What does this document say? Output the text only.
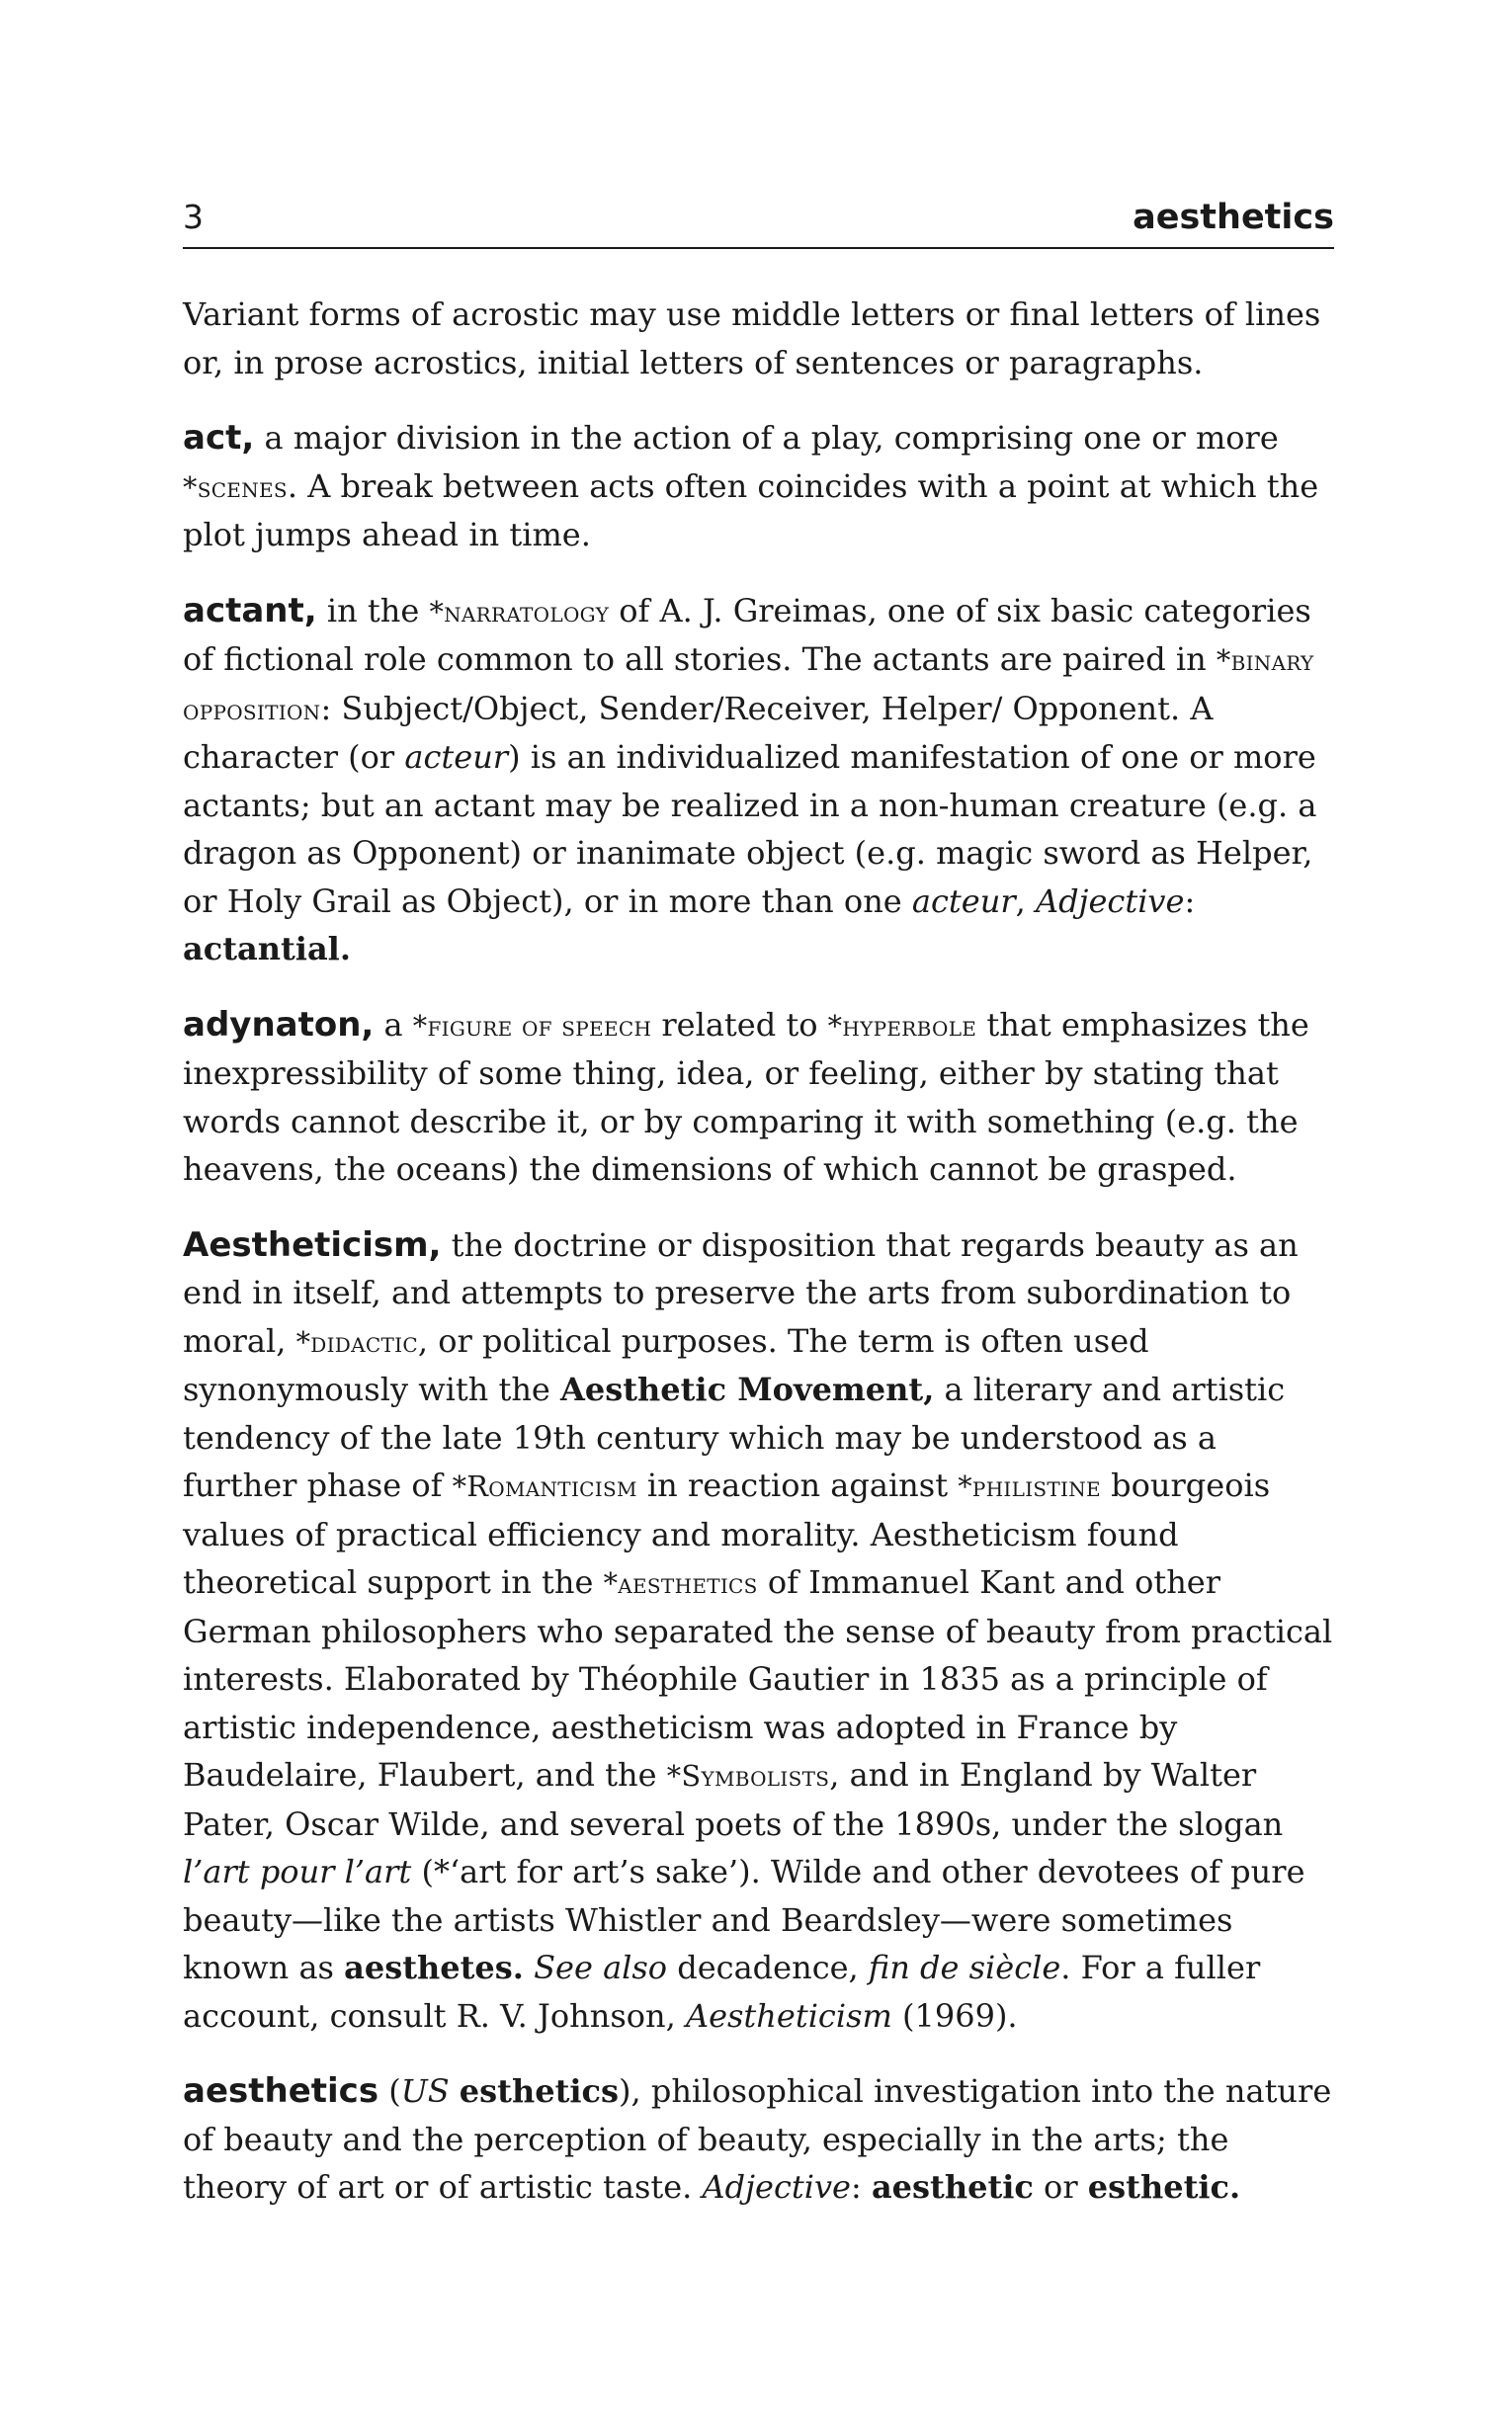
3	aesthetics

Variant forms of acrostic may use middle letters or final letters of lines or, in prose acrostics, initial letters of sentences or paragraphs.

act, a major division in the action of a play, comprising one or more *scenes. A break between acts often coincides with a point at which the plot jumps ahead in time.

actant, in the *narratology of A. J. Greimas, one of six basic categories of fictional role common to all stories. The actants are paired in *binary opposition: Subject/Object, Sender/Receiver, Helper/ Opponent. A character (or acteur) is an individualized manifestation of one or more actants; but an actant may be realized in a non-human creature (e.g. a dragon as Opponent) or inanimate object (e.g. magic sword as Helper, or Holy Grail as Object), or in more than one acteur, Adjective: actantial.

adynaton, a *figure of speech related to *hyperbole that emphasizes the inexpressibility of some thing, idea, or feeling, either by stating that words cannot describe it, or by comparing it with something (e.g. the heavens, the oceans) the dimensions of which cannot be grasped.

Aestheticism, the doctrine or disposition that regards beauty as an end in itself, and attempts to preserve the arts from subordination to moral, *didactic, or political purposes. The term is often used synonymously with the Aesthetic Movement, a literary and artistic tendency of the late 19th century which may be understood as a further phase of *Romanticism in reaction against *philistine bourgeois values of practical efficiency and morality. Aestheticism found theoretical support in the *aesthetics of Immanuel Kant and other German philosophers who separated the sense of beauty from practical interests. Elaborated by Théophile Gautier in 1835 as a principle of artistic independence, aestheticism was adopted in France by Baudelaire, Flaubert, and the *Symbolists, and in England by Walter Pater, Oscar Wilde, and several poets of the 1890s, under the slogan l’art pour l’art (*‘art for art’s sake’). Wilde and other devotees of pure beauty—like the artists Whistler and Beardsley—were sometimes known as aesthetes. See also decadence, fin de siècle. For a fuller account, consult R. V. Johnson, Aestheticism (1969).

aesthetics (US esthetics), philosophical investigation into the nature of beauty and the perception of beauty, especially in the arts; the theory of art or of artistic taste. Adjective: aesthetic or esthetic.
